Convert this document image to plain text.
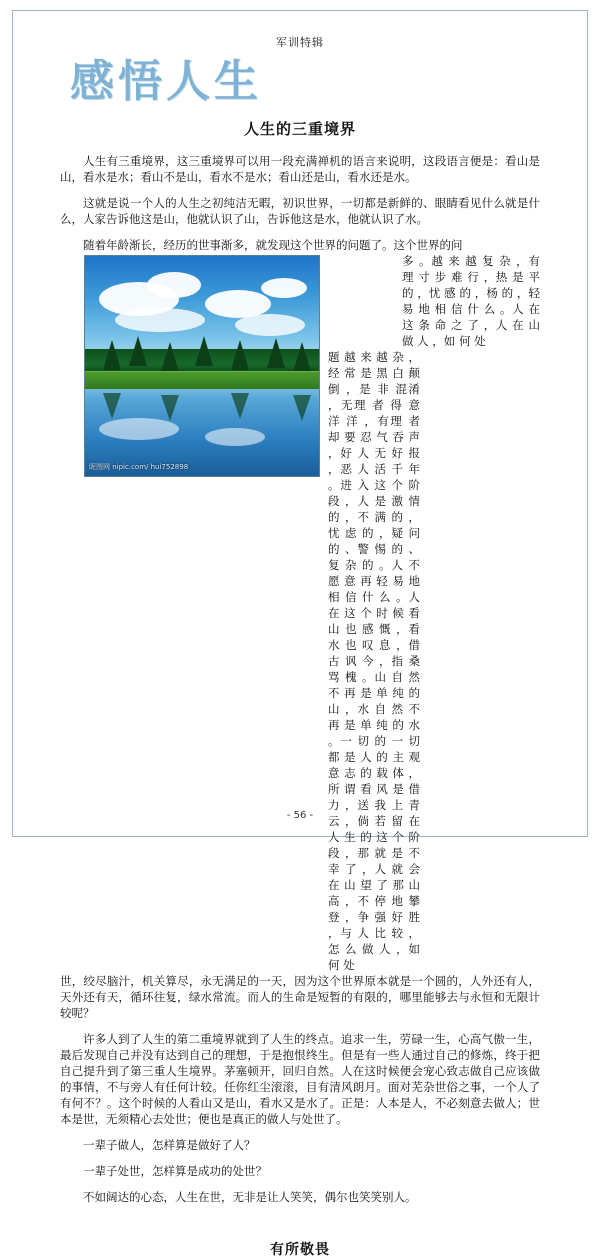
军训特辑
感悟人生
人生的三重境界

人生有三重境界，这三重境界可以用一段充满禅机的语言来说明，这段语言便是：看山是山，看水是水；看山不是山，看水不是水；看山还是山，看水还是水。

这就是说一个人的人生之初纯洁无暇，初识世界，一切都是新鲜的、眼睛看见什么就是什么，人家告诉他这是山，他就认识了山，告诉他这是水，他就认识了水。

随着年龄渐长，经历的世事渐多，就发现这个世界的问题了。这个世界的问
昵图网 nipic.com/ hui752898
多 。越 来 越 复 杂 ，有 理 寸 步 难 行 ，热 是 平 的 ，忧 感 的 ，杨 的 ，轻 易 地 相 信 什 么 。人 在 这 条 命 之 了 ，人 在 山 做 人 ，如 何 处
题 越 来 越 杂 ，经 常 是 黑 白 颠 倒 ，是 非 混淆 ，无理 者 得 意 洋 洋 ，有理 者 却 要 忍 气 吞 声 ，好 人 无 好 报 ，恶 人 活 千 年 。进 入 这 个 阶 段 ，人 是 激 情 的 ，不 满 的 ，忧 虑 的 ，疑 问 的 、警 惕 的 、复 杂 的 。人 不 愿 意 再 轻 易 地 相 信 什 么 。人 在 这 个 时 候 看 山 也 感 慨 ，看 水 也 叹 息 ，借 古 讽 今 ，指 桑 骂 槐 。山 自 然 不 再 是 单 纯 的 山 ，水 自 然 不 再 是 单 纯 的 水 。一 切 的 一 切 都 是 人 的 主 观 意 志 的 载 体 ，所 谓 看 风 是 借 力 ，送 我 上 青 云 ，倘 若 留 在 人 生 的 这 个 阶 段 ，那 就 是 不 幸 了 ，人 就 会 在 山 望 了 那 山 高 ，不 停 地 攀 登 ，争 强 好 胜 ，与 人 比 较 ，怎 么 做 人 ，如 何 处

世，绞尽脑汁，机关算尽，永无满足的一天，因为这个世界原本就是一个圆的，人外还有人，天外还有天，循环往复，绿水常流。而人的生命是短暂的有限的，哪里能够去与永恒和无限计较呢？

许多人到了人生的第二重境界就到了人生的终点。追求一生，劳碌一生，心高气傲一生，最后发现自己并没有达到自己的理想，于是抱恨终生。但是有一些人通过自己的修炼，终于把自己提升到了第三重人生境界。茅塞顿开，回归自然。人在这时候便会宠心致志做自己应该做的事情，不与旁人有任何计较。任你红尘滚滚，目有清风朗月。面对芜杂世俗之事，一个人了有何不？。这个时候的人看山又是山，看水又是水了。正是：人本是人，不必刻意去做人；世本是世，无须精心去处世；便也是真正的做人与处世了。

一辈子做人，怎样算是做好了人？

一辈子处世，怎样算是成功的处世？

不如阔达的心态，人生在世，无非是让人笑笑，偶尔也笑笑别人。

有所敬畏
- 56 -
